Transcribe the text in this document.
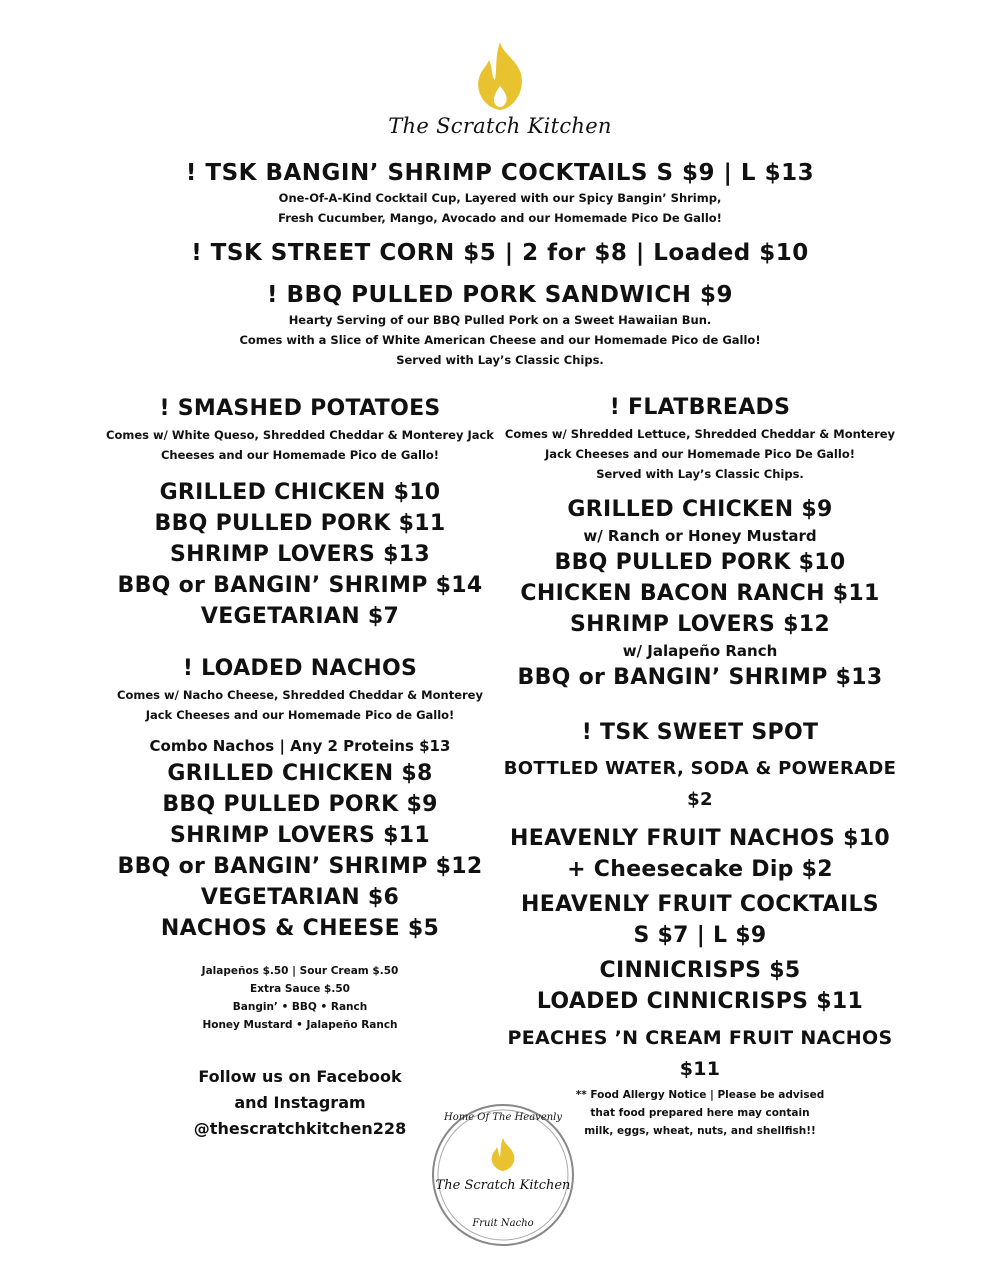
The Scratch Kitchen
! TSK BANGIN’ SHRIMP COCKTAILS S $9 | L $13
One-Of-A-Kind Cocktail Cup, Layered with our Spicy Bangin’ Shrimp,
Fresh Cucumber, Mango, Avocado and our Homemade Pico De Gallo!
! TSK STREET CORN $5 | 2 for $8 | Loaded $10
! BBQ PULLED PORK SANDWICH $9
Hearty Serving of our BBQ Pulled Pork on a Sweet Hawaiian Bun.
Comes with a Slice of White American Cheese and our Homemade Pico de Gallo!
Served with Lay’s Classic Chips.
! SMASHED POTATOES
Comes w/ White Queso, Shredded Cheddar & Monterey Jack
Cheeses and our Homemade Pico de Gallo!
GRILLED CHICKEN $10
BBQ PULLED PORK $11
SHRIMP LOVERS $13
BBQ or BANGIN’ SHRIMP $14
VEGETARIAN $7
! LOADED NACHOS
Comes w/ Nacho Cheese, Shredded Cheddar & Monterey
Jack Cheeses and our Homemade Pico de Gallo!
Combo Nachos | Any 2 Proteins $13
GRILLED CHICKEN $8
BBQ PULLED PORK $9
SHRIMP LOVERS $11
BBQ or BANGIN’ SHRIMP $12
VEGETARIAN $6
NACHOS & CHEESE $5
Jalapeños $.50 | Sour Cream $.50
Extra Sauce $.50
Bangin’ • BBQ • Ranch
Honey Mustard • Jalapeño Ranch
Follow us on Facebook
and Instagram
@thescratchkitchen228
! FLATBREADS
Comes w/ Shredded Lettuce, Shredded Cheddar & Monterey
Jack Cheeses and our Homemade Pico De Gallo!
Served with Lay’s Classic Chips.
GRILLED CHICKEN $9
w/ Ranch or Honey Mustard
BBQ PULLED PORK $10
CHICKEN BACON RANCH $11
SHRIMP LOVERS $12
w/ Jalapeño Ranch
BBQ or BANGIN’ SHRIMP $13
! TSK SWEET SPOT
BOTTLED WATER, SODA & POWERADE $2
HEAVENLY FRUIT NACHOS $10
+ Cheesecake Dip $2
HEAVENLY FRUIT COCKTAILS
S $7 | L $9
CINNICRISPS $5
LOADED CINNICRISPS $11
PEACHES ’N CREAM FRUIT NACHOS $11
** Food Allergy Notice | Please be advised
that food prepared here may contain
milk, eggs, wheat, nuts, and shellfish!!
Home Of The Heavenly
The Scratch Kitchen
Fruit Nacho
